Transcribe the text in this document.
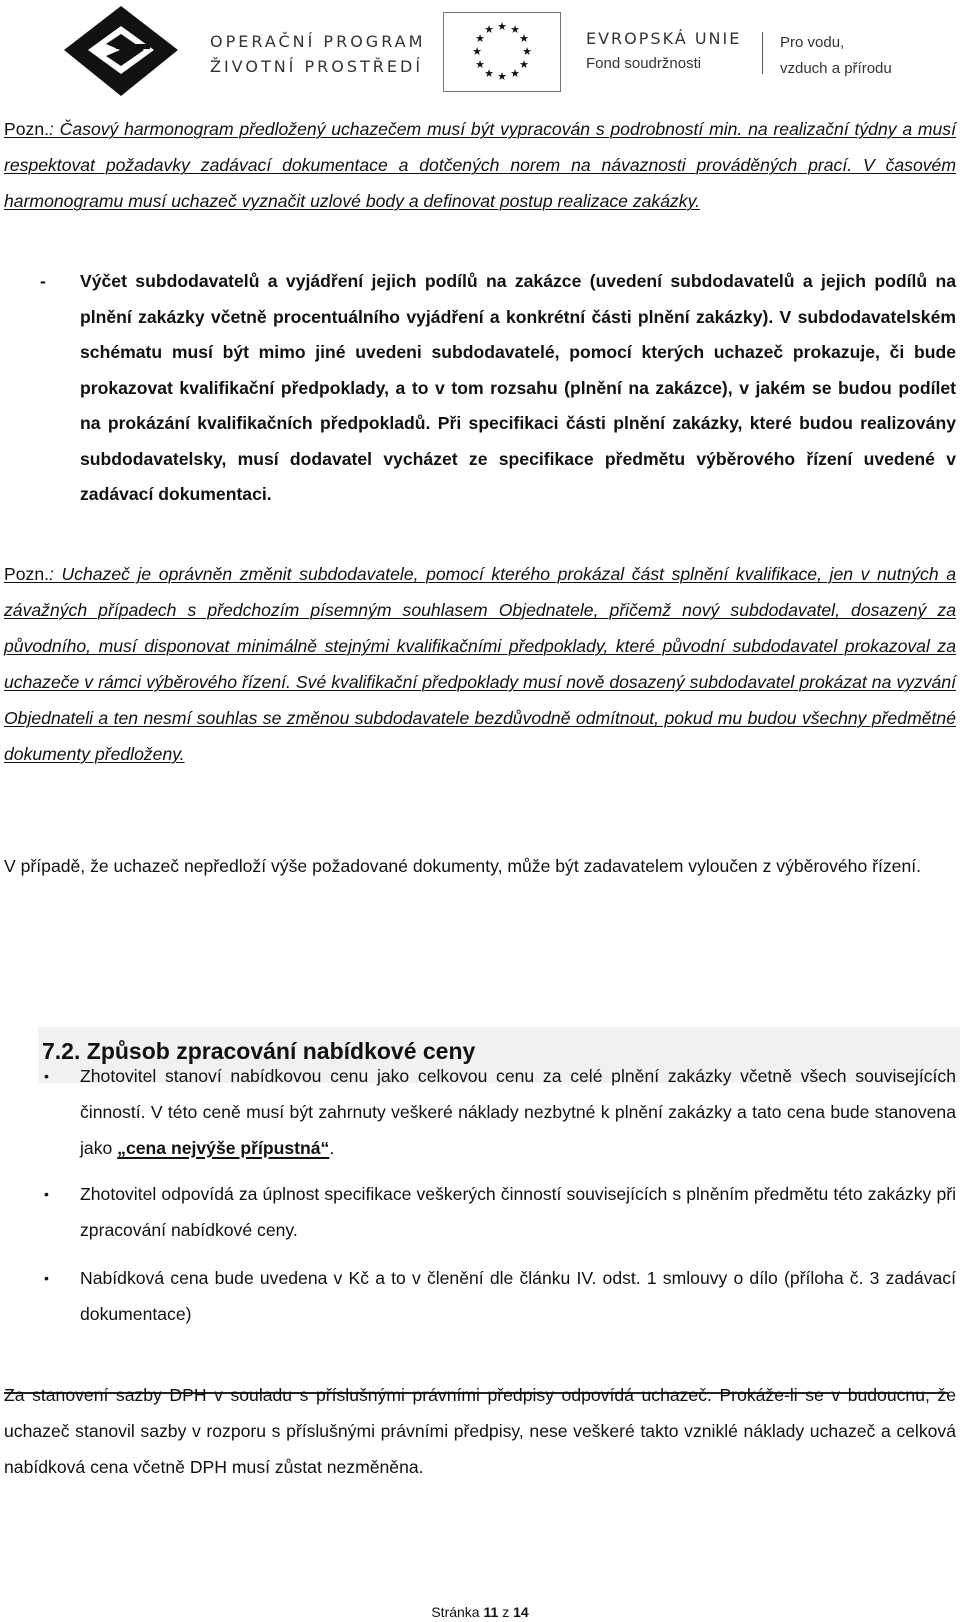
OPERAČNÍ PROGRAM
ŽIVOTNÍ PROSTŘEDÍ
★ ★
★
★
★
★
★
★
★
★
★
★	EVROPSKÁ UNIE
Fond soudržnosti
Pro vodu,
vzduch a přírodu

Pozn.: Časový harmonogram předložený uchazečem musí být vypracován s podrobností min. na realizační týdny a musí respektovat požadavky zadávací dokumentace a dotčených norem na návaznosti prováděných prací. V časovém harmonogramu musí uchazeč vyznačit uzlové body a definovat postup realizace zakázky.

- Výčet subdodavatelů a vyjádření jejich podílů na zakázce (uvedení subdodavatelů a jejich podílů na plnění zakázky včetně procentuálního vyjádření a konkrétní části plnění zakázky). V subdodavatelském schématu musí být mimo jiné uvedeni subdodavatelé, pomocí kterých uchazeč prokazuje, či bude prokazovat kvalifikační předpoklady, a to v tom rozsahu (plnění na zakázce), v jakém se budou podílet na prokázání kvalifikačních předpokladů. Při specifikaci části plnění zakázky, které budou realizovány subdodavatelsky, musí dodavatel vycházet ze specifikace předmětu výběrového řízení uvedené v zadávací dokumentaci.

Pozn.: Uchazeč je oprávněn změnit subdodavatele, pomocí kterého prokázal část splnění kvalifikace, jen v nutných a závažných případech s předchozím písemným souhlasem Objednatele, přičemž nový subdodavatel, dosazený za původního, musí disponovat minimálně stejnými kvalifikačními předpoklady, které původní subdodavatel prokazoval za uchazeče v rámci výběrového řízení. Své kvalifikační předpoklady musí nově dosazený subdodavatel prokázat na vyzvání Objednateli a ten nesmí souhlas se změnou subdodavatele bezdůvodně odmítnout, pokud mu budou všechny předmětné dokumenty předloženy.

V případě, že uchazeč nepředloží výše požadované dokumenty, může být zadavatelem vyloučen z výběrového řízení.

7.2. Způsob zpracování nabídkové ceny
• Zhotovitel stanoví nabídkovou cenu jako celkovou cenu za celé plnění zakázky včetně všech souvisejících činností. V této ceně musí být zahrnuty veškeré náklady nezbytné k plnění zakázky a tato cena bude stanovena jako „cena nejvýše přípustná“.
• Zhotovitel odpovídá za úplnost specifikace veškerých činností souvisejících s plněním předmětu této zakázky při zpracování nabídkové ceny.
• Nabídková cena bude uvedena v Kč a to v členění dle článku IV. odst. 1 smlouvy o dílo (příloha č. 3 zadávací dokumentace)

Za stanovení sazby DPH v souladu s příslušnými právními předpisy odpovídá uchazeč. Prokáže-li se v budoucnu, že uchazeč stanovil sazby v rozporu s příslušnými právními předpisy, nese veškeré takto vzniklé náklady uchazeč a celková nabídková cena včetně DPH musí zůstat nezměněna.

Stránka 11 z 14
